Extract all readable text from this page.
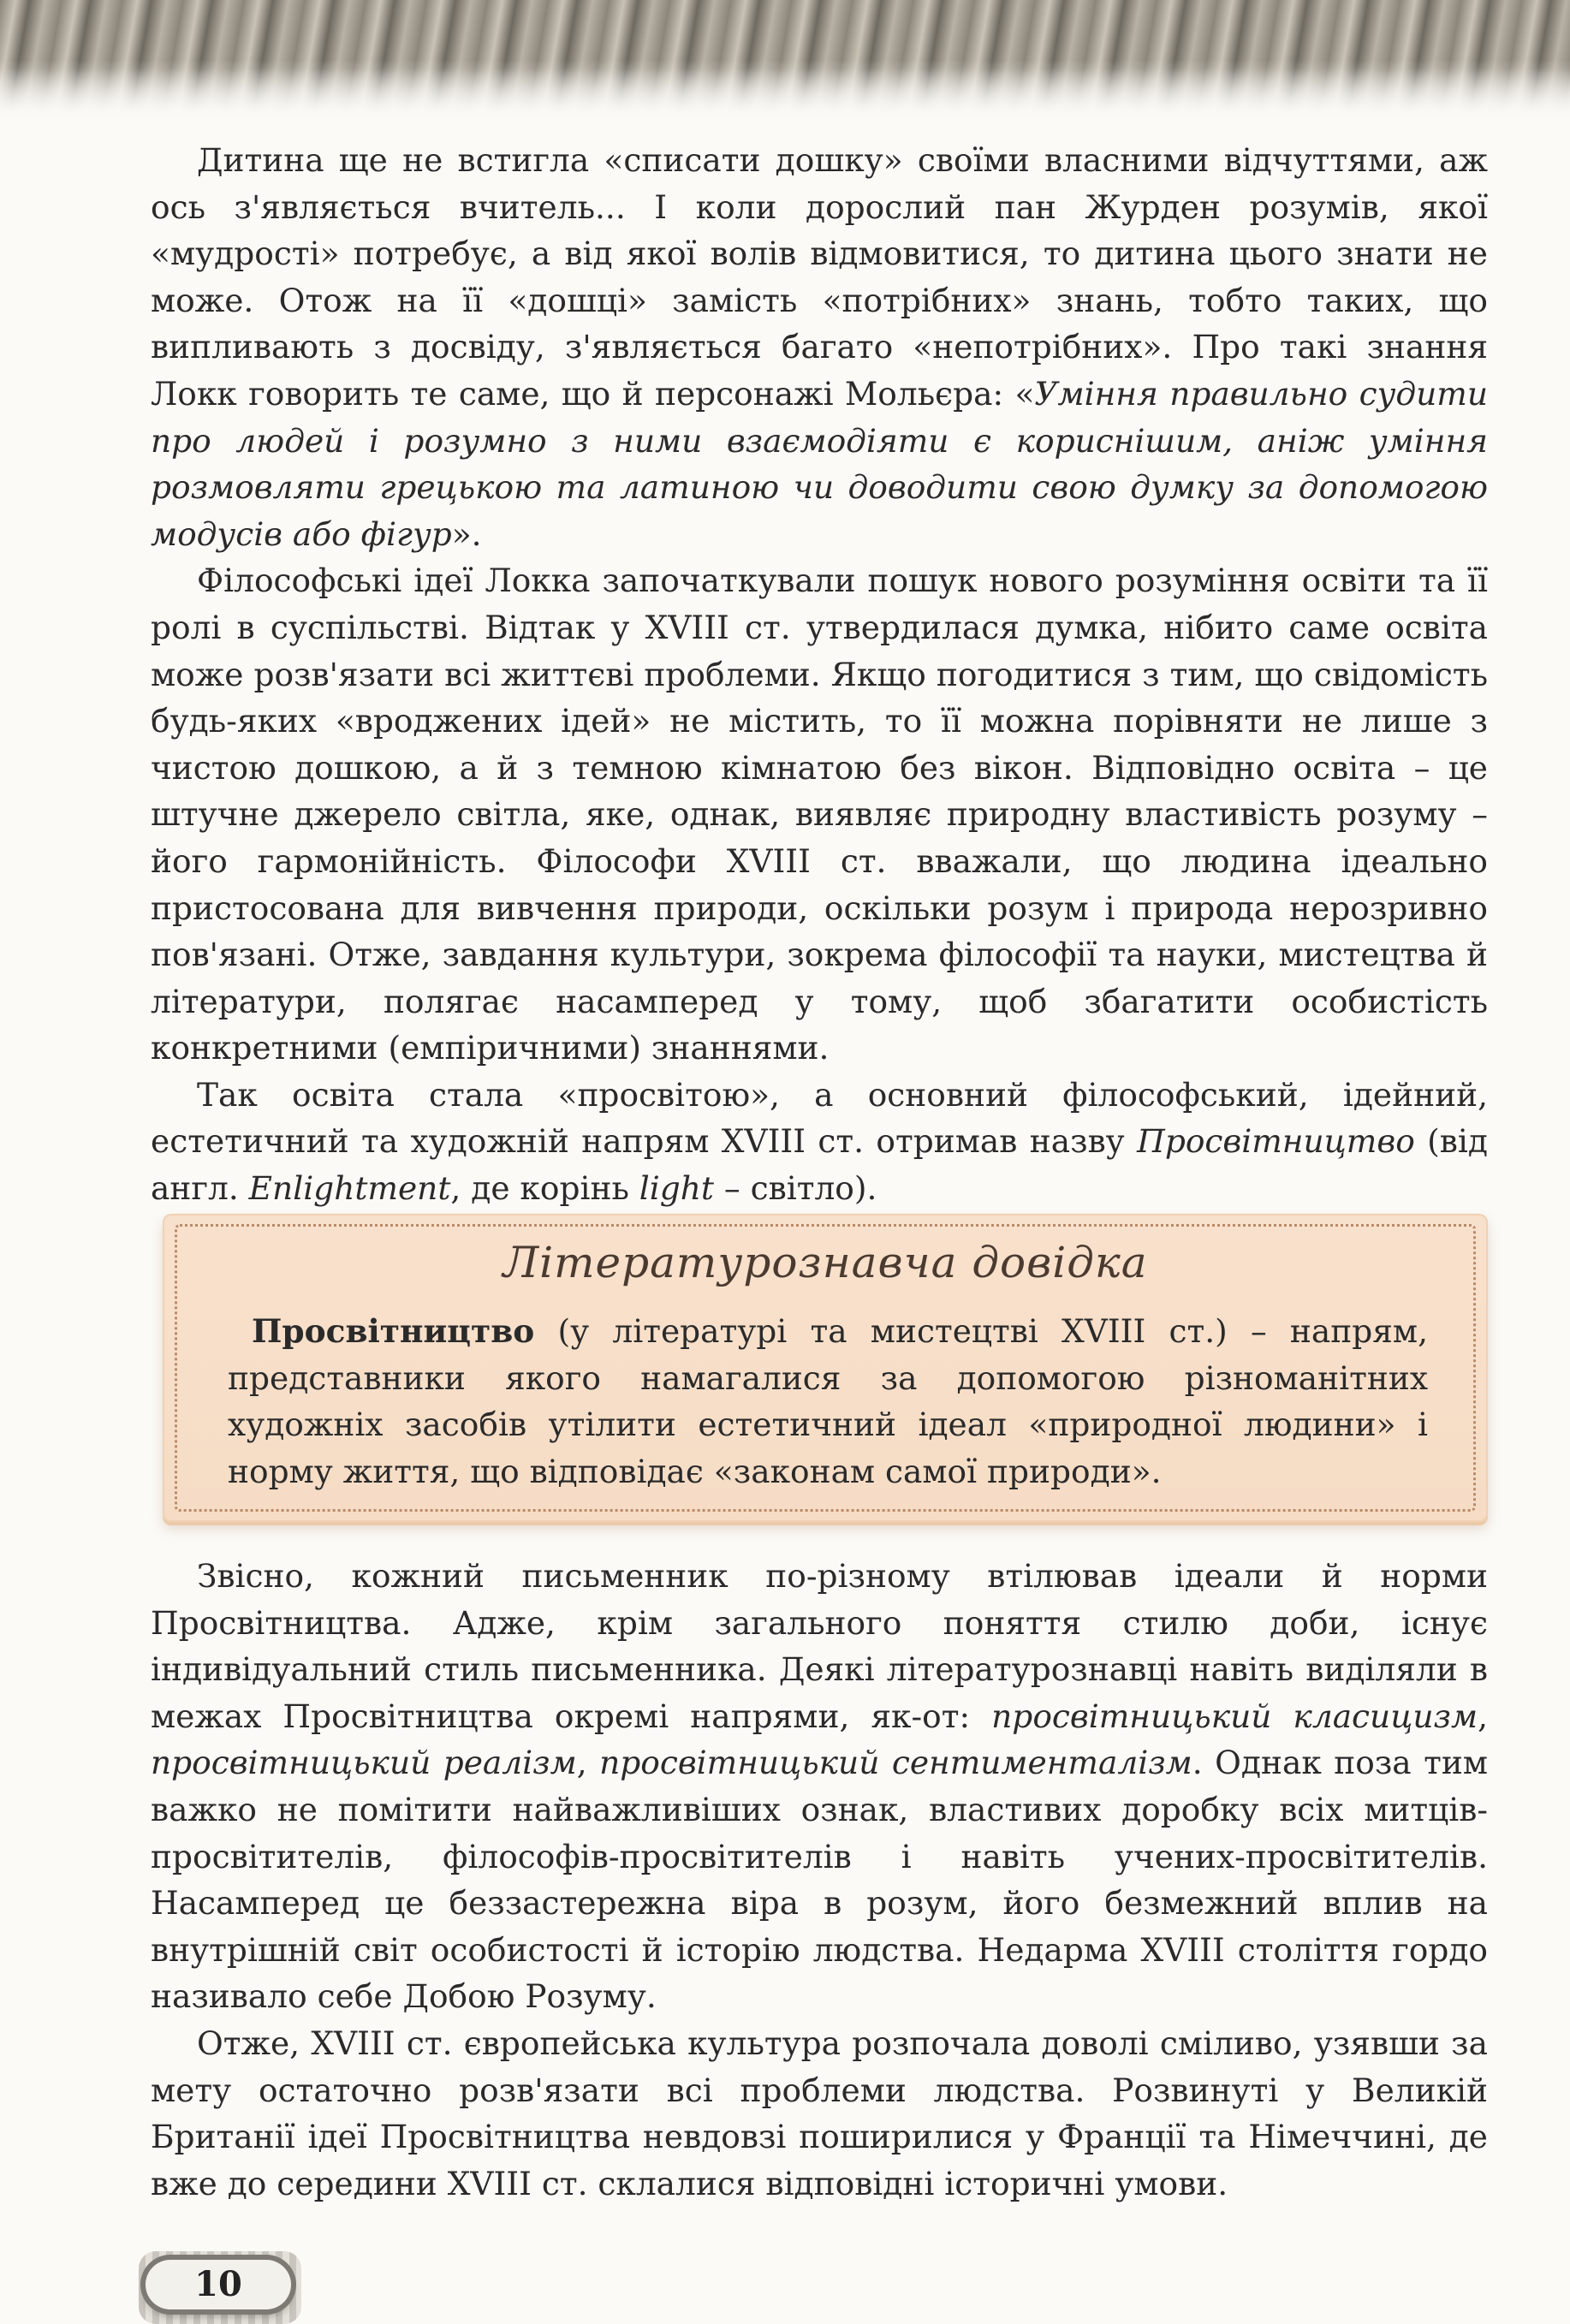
Дитина ще не встигла «списати дошку» своїми власними відчуттями, аж ось з'являється вчитель... І коли дорослий пан Журден розумів, якої «мудрості» потребує, а від якої волів відмовитися, то дитина цього знати не може. Отож на її «дошці» замість «потрібних» знань, тобто таких, що випливають з досвіду, з'являється багато «непотрібних». Про такі знання Локк говорить те саме, що й персонажі Мольєра: «Уміння правильно судити про людей і розумно з ними взаємодіяти є кориснішим, аніж уміння розмовляти грецькою та латиною чи доводити свою думку за допомогою модусів або фігур».

Філософські ідеї Локка започаткували пошук нового розуміння освіти та її ролі в суспільстві. Відтак у XVIII ст. утвердилася думка, нібито саме освіта може розв'язати всі життєві проблеми. Якщо погодитися з тим, що свідомість будь-яких «вроджених ідей» не містить, то її можна порівняти не лише з чистою дошкою, а й з темною кімнатою без вікон. Відповідно освіта – це штучне джерело світла, яке, однак, виявляє природну властивість розуму – його гармонійність. Філософи XVIII ст. вважали, що людина ідеально пристосована для вивчення природи, оскільки розум і природа нерозривно пов'язані. Отже, завдання культури, зокрема філософії та науки, мистецтва й літератури, полягає насамперед у тому, щоб збагатити особистість конкретними (емпіричними) знаннями.

Так освіта стала «просвітою», а основний філософський, ідейний, естетичний та художній напрям XVIII ст. отримав назву Просвітництво (від англ. Enlightment, де корінь light – світло).

Літературознавча довідка

Просвітництво (у літературі та мистецтві XVIII ст.) – напрям, представники якого намагалися за допомогою різноманітних художніх засобів утілити естетичний ідеал «природної людини» і норму життя, що відповідає «законам самої природи».

Звісно, кожний письменник по-різному втілював ідеали й норми Просвітництва. Адже, крім загального поняття стилю доби, існує індивідуальний стиль письменника. Деякі літературознавці навіть виділяли в межах Просвітництва окремі напрями, як-от: просвітницький класицизм, просвітницький реалізм, просвітницький сентименталізм. Однак поза тим важко не помітити найважливіших ознак, властивих доробку всіх митців-просвітителів, філософів-просвітителів і навіть учених-просвітителів. Насамперед це беззастережна віра в розум, його безмежний вплив на внутрішній світ особистості й історію людства. Недарма XVIII століття гордо називало себе Добою Розуму.

Отже, XVIII ст. європейська культура розпочала доволі сміливо, узявши за мету остаточно розв'язати всі проблеми людства. Розвинуті у Великій Британії ідеї Просвітництва невдовзі поширилися у Франції та Німеччині, де вже до середини XVIII ст. склалися відповідні історичні умови.

10
